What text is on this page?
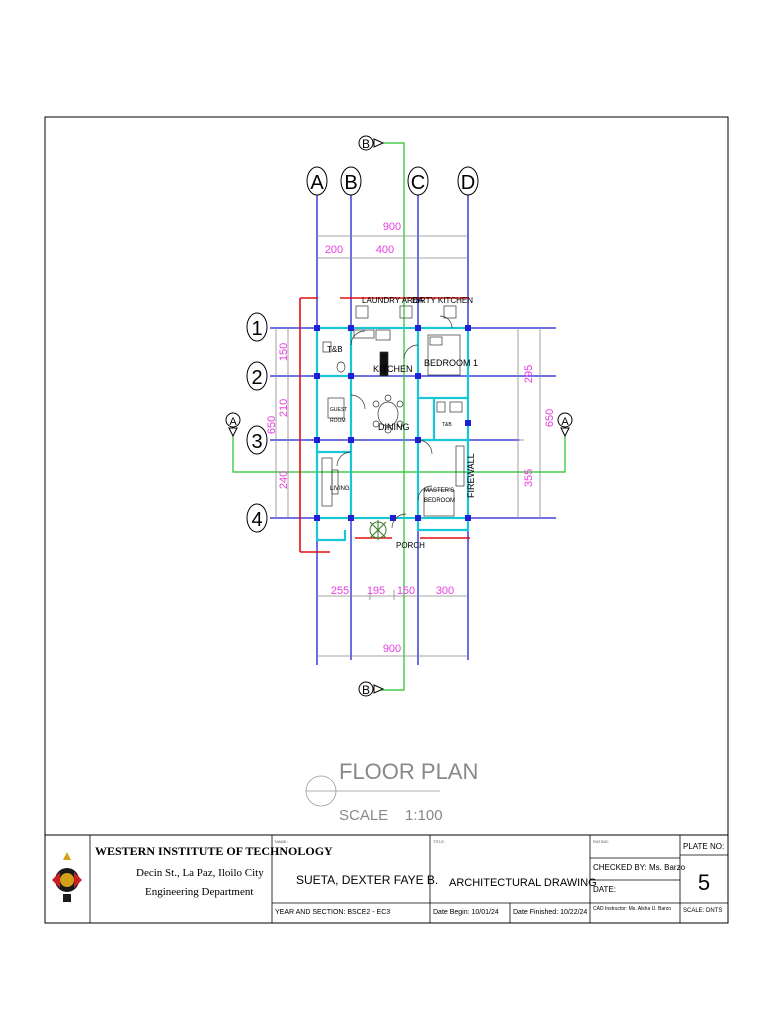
A B	C D
1
2
3
4
B
B
A	A
900
200	400
255 195 150 300
900
150
210
240
650
295
355
650
LAUNDRY AREA
DIRTY KITCHEN
T&B
KITCHEN
BEDROOM 1
GUEST
ROOM
DINING	T&B
LIVING	MASTER'S
BEDROOM
FIREWALL
PORCH
FLOOR PLAN
SCALE 1:100
WESTERN INSTITUTE OF TECHNOLOGY
Decin St., La Paz, Iloilo City
Engineering Department
NAME:
SUETA, DEXTER FAYE B.
TITLE:
ARCHITECTURAL DRAWING
RATING:
CHECKED BY: Ms. Barzo
DATE:
PLATE NO:
5
YEAR AND SECTION: BSCE2 - EC3	Date Begin: 10/01/24 Date Finished: 10/22/24 CAD Instructor: Ms. Alsha U. Barzo SCALE: DNTS
